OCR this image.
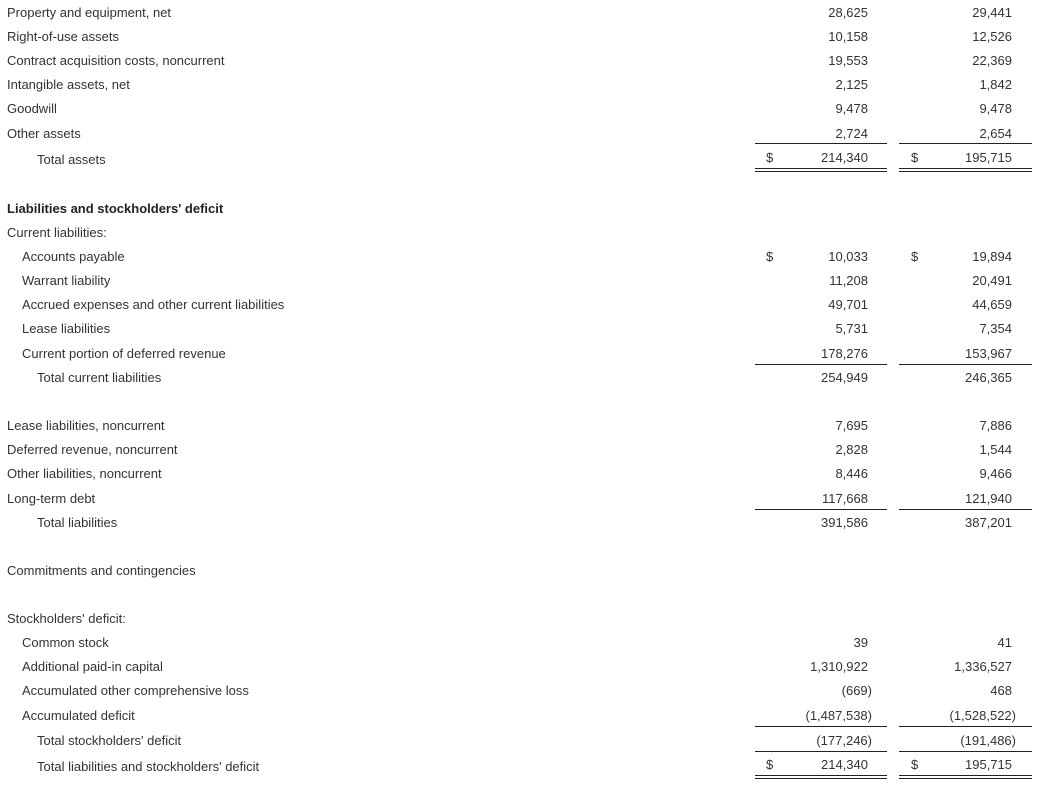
Property and equipment, net	28,625	29,441
Right-of-use assets	10,158	12,526
Contract acquisition costs, noncurrent	19,553	22,369
Intangible assets, net	2,125	1,842
Goodwill	9,478	9,478
Other assets	2,724	2,654
Total assets	$	214,340	$	195,715
Liabilities and stockholders' deficit
Current liabilities:
Accounts payable	$	10,033	$	19,894
Warrant liability	11,208	20,491
Accrued expenses and other current liabilities	49,701	44,659
Lease liabilities	5,731	7,354
Current portion of deferred revenue	178,276	153,967
Total current liabilities	254,949	246,365
Lease liabilities, noncurrent	7,695	7,886
Deferred revenue, noncurrent	2,828	1,544
Other liabilities, noncurrent	8,446	9,466
Long-term debt	117,668	121,940
Total liabilities	391,586	387,201
Commitments and contingencies
Stockholders' deficit:
Common stock	39	41
Additional paid-in capital	1,310,922	1,336,527
Accumulated other comprehensive loss	(669)	468
Accumulated deficit	(1,487,538)	(1,528,522)
Total stockholders' deficit	(177,246)	(191,486)
Total liabilities and stockholders' deficit	$	214,340	$	195,715
